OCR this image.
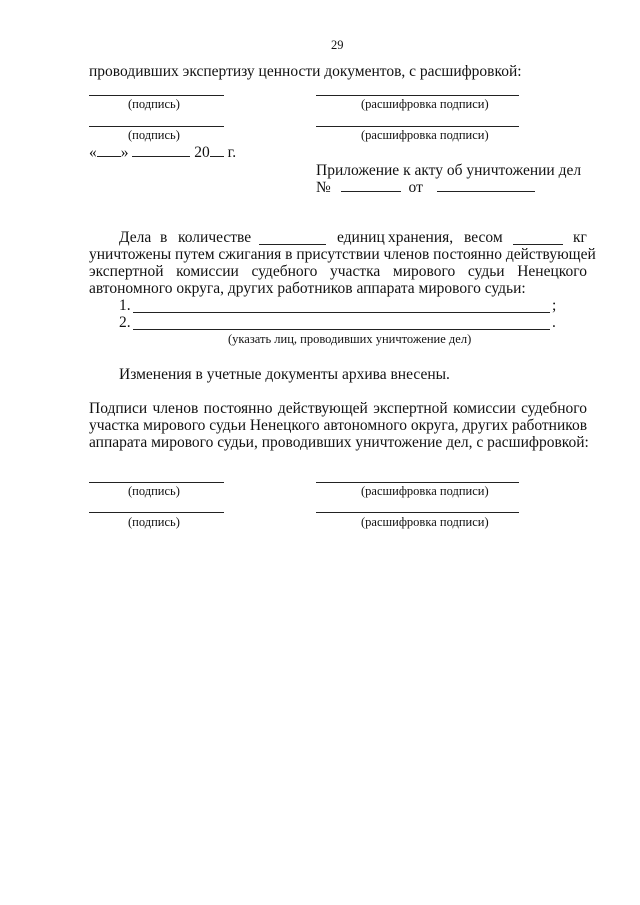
29
проводивших экспертизу ценности документов, с расшифровкой:
(подпись)	(расшифровка подписи)
(подпись)	(расшифровка подписи)
« »	20 г.
Приложение к акту об уничтожении дел
№	от
Дела в количестве	единиц хранения, весом	кг
уничтожены путем сжигания в присутствии членов постоянно действующей
экспертной комиссии судебного участка мирового судьи Ненецкого
автономного округа, других работников аппарата мирового судьи:
1.	;
2.	.
(указать лиц, проводивших уничтожение дел)
Изменения в учетные документы архива внесены.
Подписи членов постоянно действующей экспертной комиссии судебного
участка мирового судьи Ненецкого автономного округа, других работников
аппарата мирового судьи, проводивших уничтожение дел, с расшифровкой:
(подпись)	(расшифровка подписи)
(подпись)	(расшифровка подписи)
